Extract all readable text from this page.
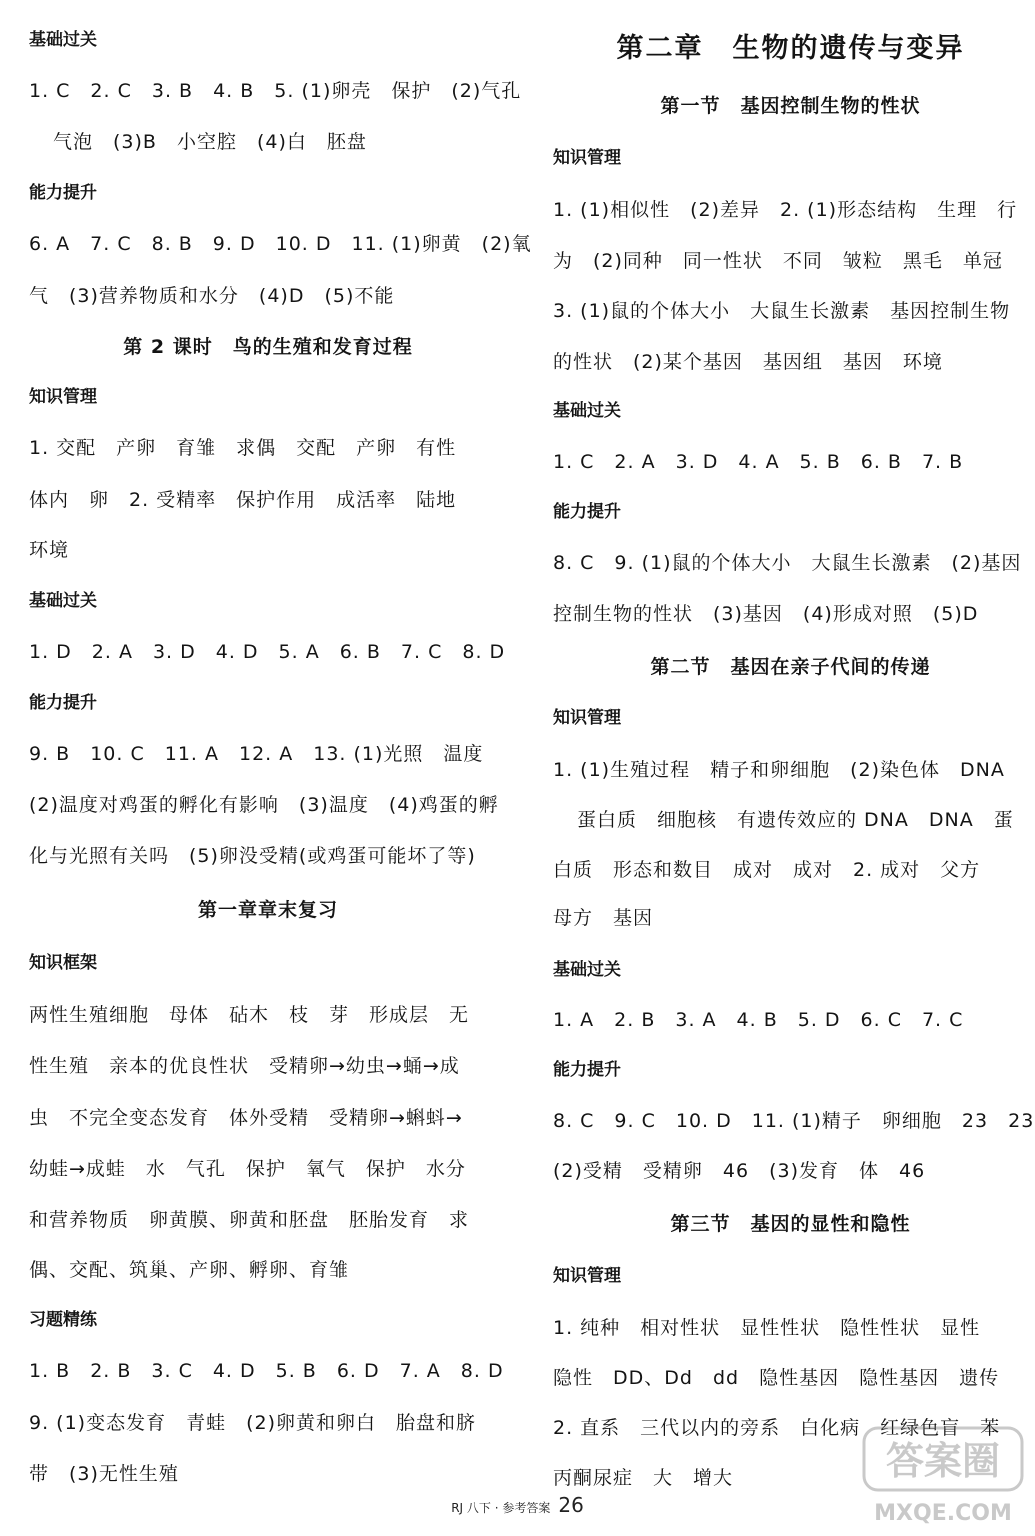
基础过关
1. C　2. C　3. B　4. B　5. (1)卵壳　保护　(2)气孔
气泡　(3)B　小空腔　(4)白　胚盘
能力提升
6. A　7. C　8. B　9. D　10. D　11. (1)卵黄　(2)氧
气　(3)营养物质和水分　(4)D　(5)不能
第 2 课时　鸟的生殖和发育过程
知识管理
1. 交配　产卵　育雏　求偶　交配　产卵　有性
体内　卵　2. 受精率　保护作用　成活率　陆地
环境
基础过关
1. D　2. A　3. D　4. D　5. A　6. B　7. C　8. D
能力提升
9. B　10. C　11. A　12. A　13. (1)光照　温度
(2)温度对鸡蛋的孵化有影响　(3)温度　(4)鸡蛋的孵
化与光照有关吗　(5)卵没受精(或鸡蛋可能坏了等)
第一章章末复习
知识框架
两性生殖细胞　母体　砧木　枝　芽　形成层　无
性生殖　亲本的优良性状　受精卵→幼虫→蛹→成
虫　不完全变态发育　体外受精　受精卵→蝌蚪→
幼蛙→成蛙　水　气孔　保护　氧气　保护　水分
和营养物质　卵黄膜、卵黄和胚盘　胚胎发育　求
偶、交配、筑巢、产卵、孵卵、育雏
习题精练
1. B　2. B　3. C　4. D　5. B　6. D　7. A　8. D
9. (1)变态发育　青蛙　(2)卵黄和卵白　胎盘和脐
带　(3)无性生殖
第二章　生物的遗传与变异
第一节　基因控制生物的性状
知识管理
1. (1)相似性　(2)差异　2. (1)形态结构　生理　行
为　(2)同种　同一性状　不同　皱粒　黑毛　单冠
3. (1)鼠的个体大小　大鼠生长激素　基因控制生物
的性状　(2)某个基因　基因组　基因　环境
基础过关
1. C　2. A　3. D　4. A　5. B　6. B　7. B
能力提升
8. C　9. (1)鼠的个体大小　大鼠生长激素　(2)基因
控制生物的性状　(3)基因　(4)形成对照　(5)D
第二节　基因在亲子代间的传递
知识管理
1. (1)生殖过程　精子和卵细胞　(2)染色体　DNA
蛋白质　细胞核　有遗传效应的 DNA　DNA　蛋
白质　形态和数目　成对　成对　2. 成对　父方
母方　基因
基础过关
1. A　2. B　3. A　4. B　5. D　6. C　7. C
能力提升
8. C　9. C　10. D　11. (1)精子　卵细胞　23　23
(2)受精　受精卵　46　(3)发育　体　46
第三节　基因的显性和隐性
知识管理
1. 纯种　相对性状　显性性状　隐性性状　显性
隐性　DD、Dd　dd　隐性基因　隐性基因　遗传
2. 直系　三代以内的旁系　白化病　红绿色盲　苯
丙酮尿症　大　增大
RJ 八下 · 参考答案 26
答案圈
MXQE.COM
